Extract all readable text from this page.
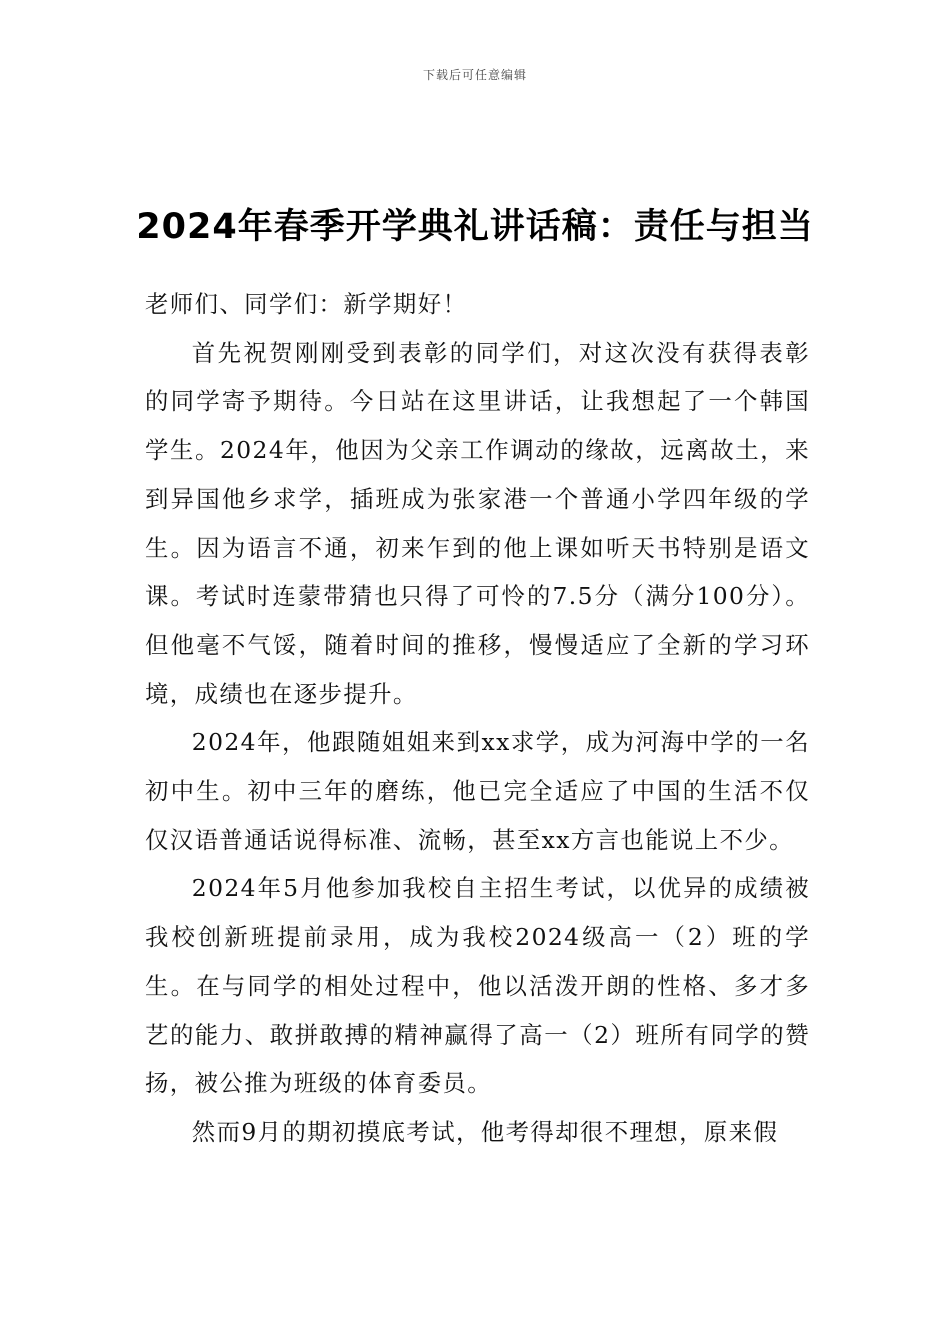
下载后可任意编辑
2024年春季开学典礼讲话稿：责任与担当

老师们、同学们：新学期好！

首先祝贺刚刚受到表彰的同学们，对这次没有获得表彰的同学寄予期待。今日站在这里讲话，让我想起了一个韩国学生。2024年，他因为父亲工作调动的缘故，远离故土，来到异国他乡求学，插班成为张家港一个普通小学四年级的学生。因为语言不通，初来乍到的他上课如听天书特别是语文课。考试时连蒙带猜也只得了可怜的7.5分（满分100分）。但他毫不气馁，随着时间的推移，慢慢适应了全新的学习环境，成绩也在逐步提升。

2024年，他跟随姐姐来到xx求学，成为河海中学的一名初中生。初中三年的磨练，他已完全适应了中国的生活不仅仅汉语普通话说得标准、流畅，甚至xx方言也能说上不少。

2024年5月他参加我校自主招生考试，以优异的成绩被我校创新班提前录用，成为我校2024级高一（2）班的学生。在与同学的相处过程中，他以活泼开朗的性格、多才多艺的能力、敢拼敢搏的精神赢得了高一（2）班所有同学的赞扬，被公推为班级的体育委员。

然而9月的期初摸底考试，他考得却很不理想，原来假
